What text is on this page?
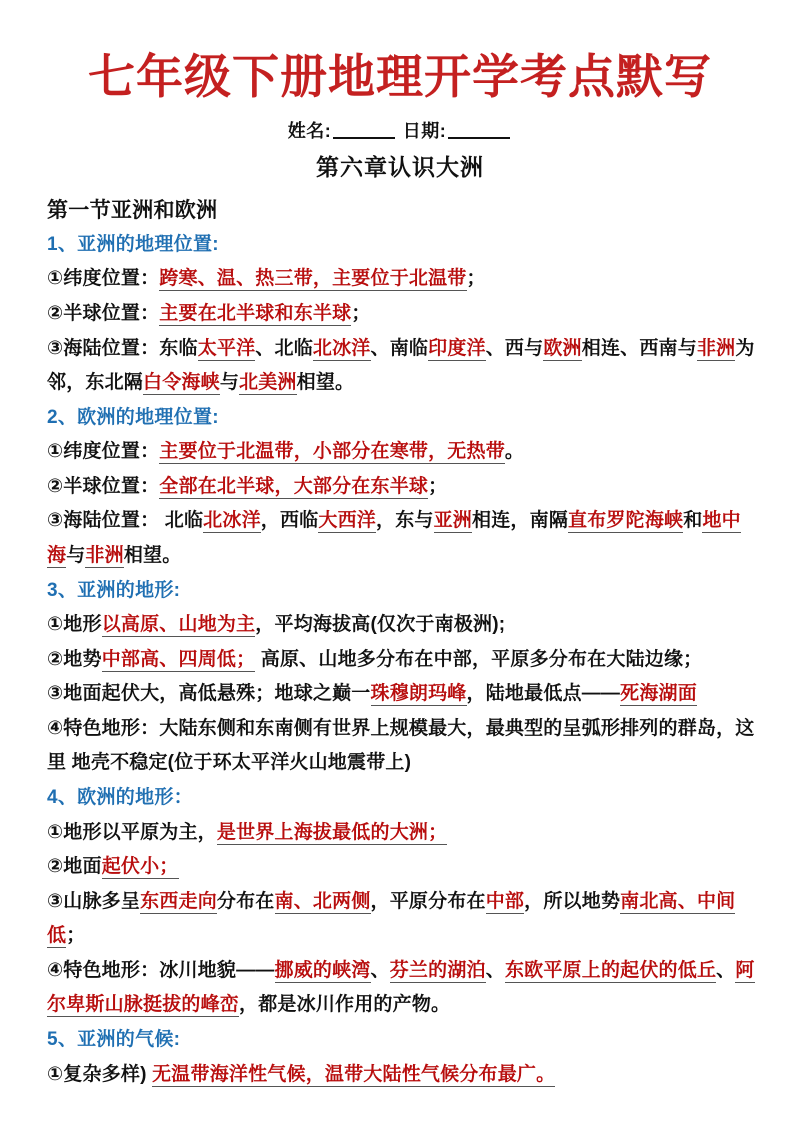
七年级下册地理开学考点默写
姓名:	日期:
第六章认识大洲
第一节亚洲和欧洲

1、亚洲的地理位置:

①纬度位置：跨寒、温、热三带，主要位于北温带；

②半球位置：主要在北半球和东半球；

③海陆位置：东临太平洋、北临北冰洋、南临印度洋、西与欧洲相连、西南与非洲为邻，东北隔白令海峡与北美洲相望。

2、欧洲的地理位置:

①纬度位置：主要位于北温带，小部分在寒带，无热带。

②半球位置：全部在北半球，大部分在东半球；

③海陆位置： 北临北冰洋，西临大西洋，东与亚洲相连，南隔直布罗陀海峡和地中海与非洲相望。

3、亚洲的地形:

①地形以高原、山地为主，平均海拔高(仅次于南极洲);

②地势中部高、四周低； 高原、山地多分布在中部，平原多分布在大陆边缘；

③地面起伏大，高低悬殊；地球之巅一珠穆朗玛峰，陆地最低点——死海湖面

④特色地形：大陆东侧和东南侧有世界上规模最大，最典型的呈弧形排列的群岛，这里 地壳不稳定(位于环太平洋火山地震带上)

4、欧洲的地形：

①地形以平原为主，是世界上海拔最低的大洲；

②地面起伏小；

③山脉多呈东西走向分布在南、北两侧，平原分布在中部，所以地势南北高、中间低；

④特色地形：冰川地貌——挪威的峡湾、芬兰的湖泊、东欧平原上的起伏的低丘、阿尔卑斯山脉挺拔的峰峦，都是冰川作用的产物。

5、亚洲的气候:

①复杂多样) 无温带海洋性气候，温带大陆性气候分布最广。
